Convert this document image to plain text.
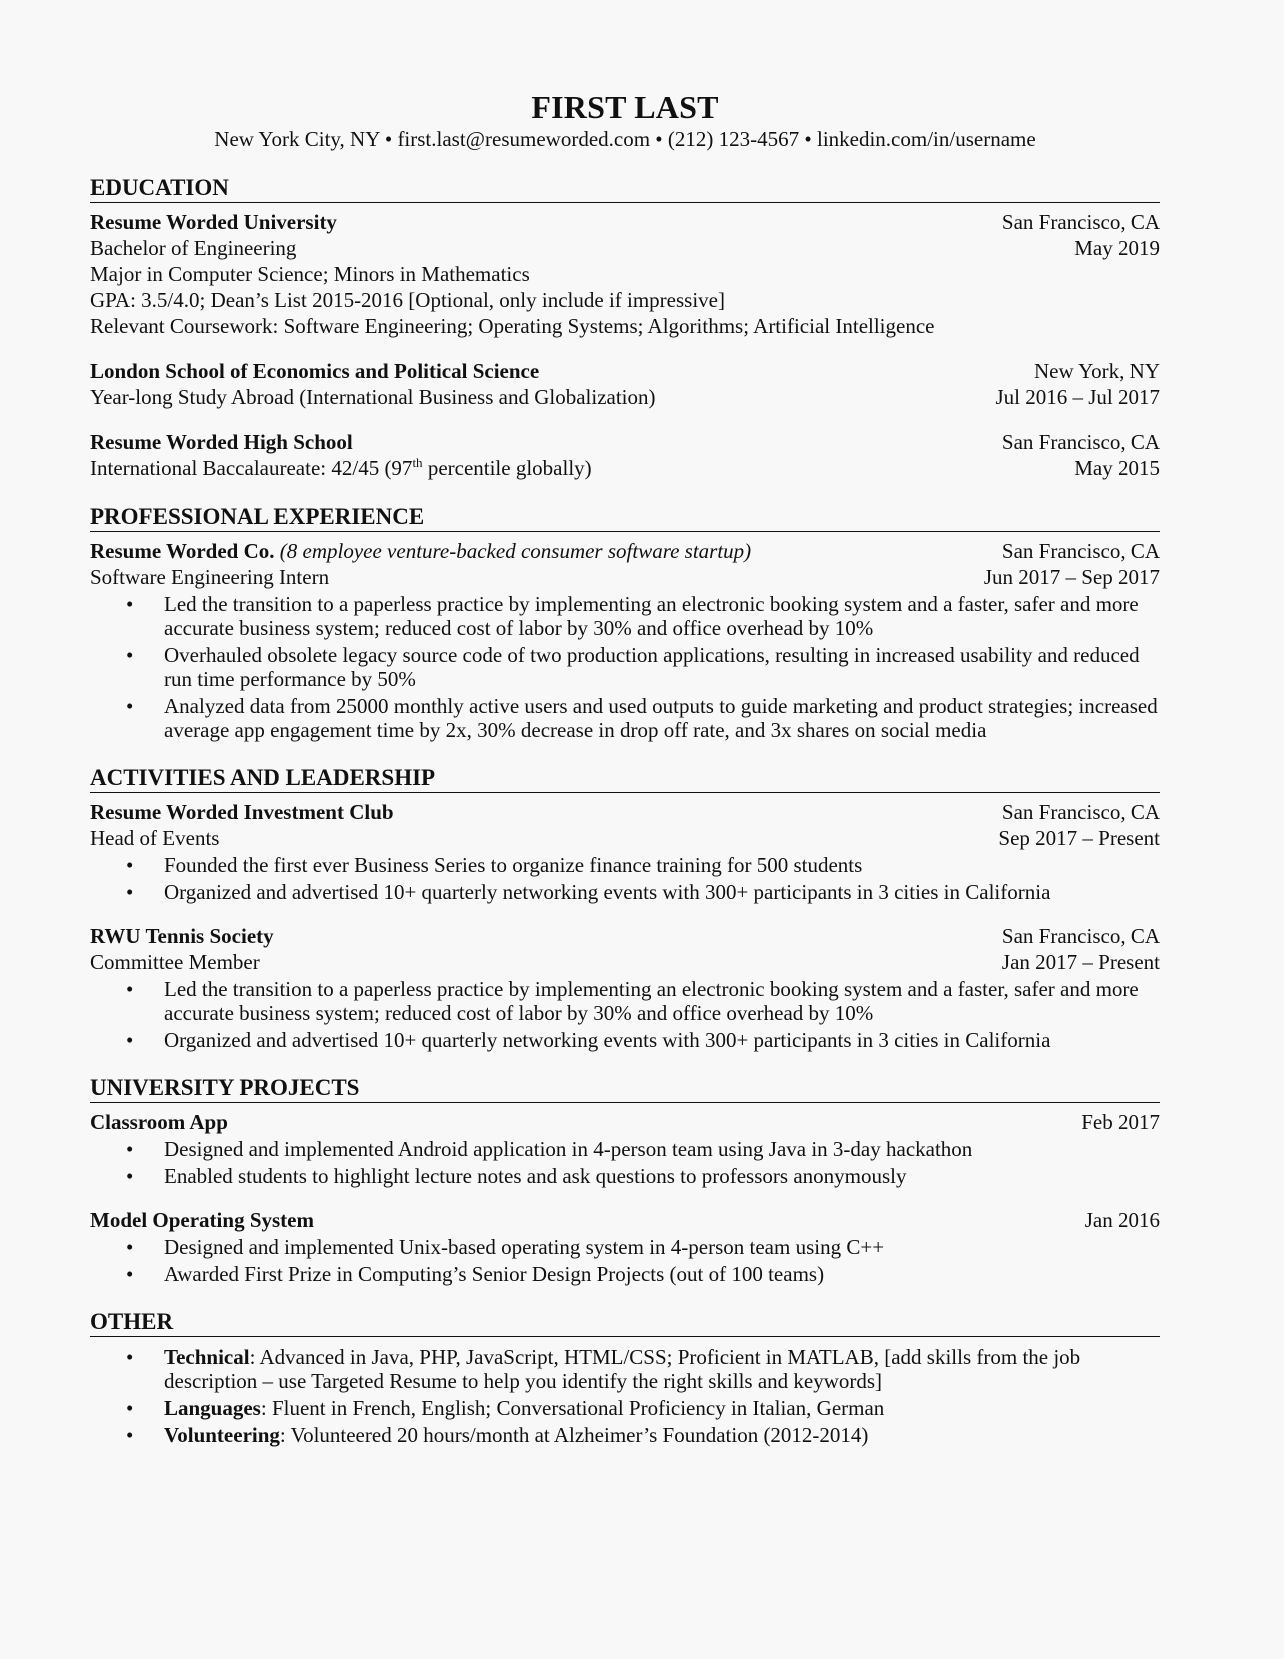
FIRST LAST
New York City, NY • first.last@resumeworded.com • (212) 123-4567 • linkedin.com/in/username
EDUCATION
Resume Worded University	San Francisco, CA
Bachelor of Engineering	May 2019
Major in Computer Science; Minors in Mathematics
GPA: 3.5/4.0; Dean’s List 2015-2016 [Optional, only include if impressive]
Relevant Coursework: Software Engineering; Operating Systems; Algorithms; Artificial Intelligence
London School of Economics and Political Science	New York, NY
Year-long Study Abroad (International Business and Globalization)	Jul 2016 – Jul 2017
Resume Worded High School	San Francisco, CA
International Baccalaureate: 42/45 (97th percentile globally)	May 2015
PROFESSIONAL EXPERIENCE
Resume Worded Co. (8 employee venture-backed consumer software startup)	San Francisco, CA
Software Engineering Intern	Jun 2017 – Sep 2017
• Led the transition to a paperless practice by implementing an electronic booking system and a faster, safer and more accurate business system; reduced cost of labor by 30% and office overhead by 10%
• Overhauled obsolete legacy source code of two production applications, resulting in increased usability and reduced run time performance by 50%
• Analyzed data from 25000 monthly active users and used outputs to guide marketing and product strategies; increased average app engagement time by 2x, 30% decrease in drop off rate, and 3x shares on social media
ACTIVITIES AND LEADERSHIP
Resume Worded Investment Club	San Francisco, CA
Head of Events	Sep 2017 – Present
• Founded the first ever Business Series to organize finance training for 500 students
• Organized and advertised 10+ quarterly networking events with 300+ participants in 3 cities in California
RWU Tennis Society	San Francisco, CA
Committee Member	Jan 2017 – Present
• Led the transition to a paperless practice by implementing an electronic booking system and a faster, safer and more accurate business system; reduced cost of labor by 30% and office overhead by 10%
• Organized and advertised 10+ quarterly networking events with 300+ participants in 3 cities in California
UNIVERSITY PROJECTS
Classroom App	Feb 2017
• Designed and implemented Android application in 4-person team using Java in 3-day hackathon
• Enabled students to highlight lecture notes and ask questions to professors anonymously
Model Operating System	Jan 2016
• Designed and implemented Unix-based operating system in 4-person team using C++
• Awarded First Prize in Computing’s Senior Design Projects (out of 100 teams)
OTHER
• Technical: Advanced in Java, PHP, JavaScript, HTML/CSS; Proficient in MATLAB, [add skills from the job description – use Targeted Resume to help you identify the right skills and keywords]
• Languages: Fluent in French, English; Conversational Proficiency in Italian, German
• Volunteering: Volunteered 20 hours/month at Alzheimer’s Foundation (2012-2014)
